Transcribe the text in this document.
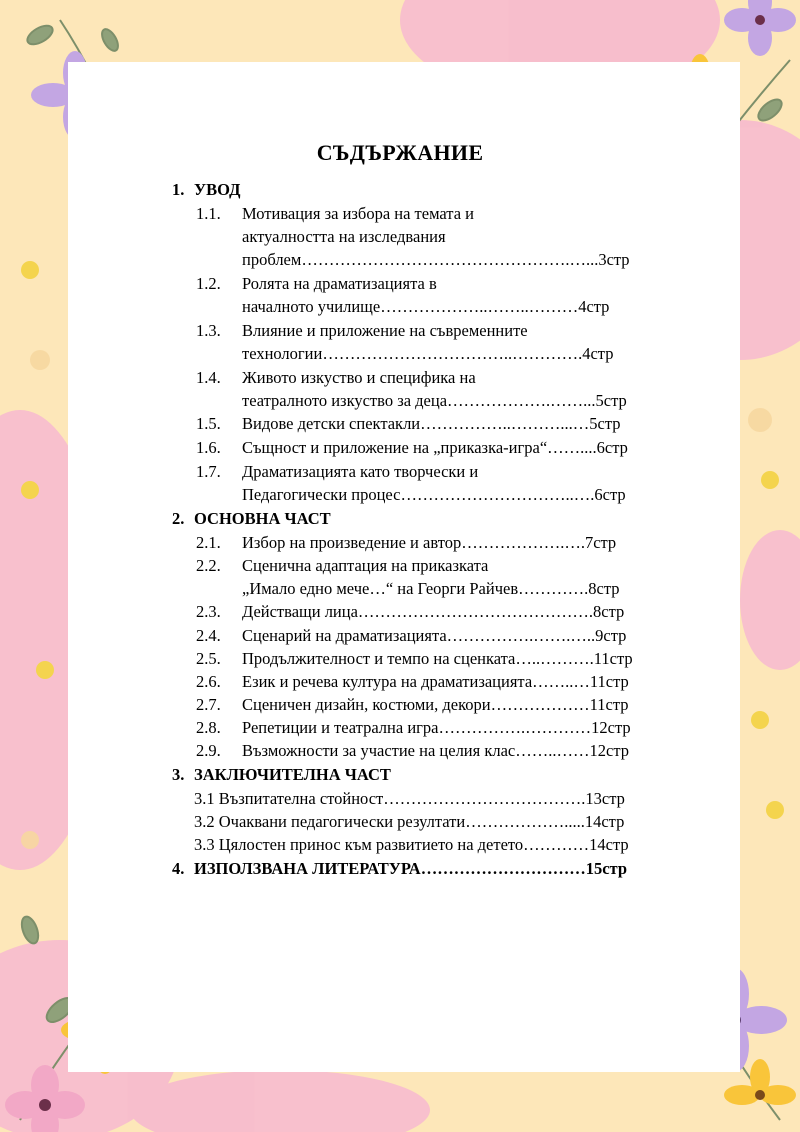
СЪДЪРЖАНИЕ
1. УВОД
1.1. Мотивация за избора на темата и
актуалността на изследвания
проблем………………………………………….…...3стр
1.2. Ролята на драматизацията в
началното училище………………..……..………4стр
1.3. Влияние и приложение на съвременните
технологии……………………………..………….4стр
1.4. Живото изкуство и специфика на
театралното изкуство за деца……………….……...5стр
1.5. Видове детски спектакли……………..………...…5стр
1.6. Същност и приложение на „приказка-игра“……....6стр
1.7. Драматизацията като творчески и
Педагогически процес…………………………..….6стр
2. ОСНОВНА ЧАСТ
2.1. Избор на произведение и автор……………….….7стр
2.2. Сценична адаптация на приказката
„Имало едно мече…“ на Георги Райчев………….8стр
2.3. Действащи лица…………………………………….8стр
2.4. Сценарий на драматизацията…………….…….…..9стр
2.5. Продължителност и темпо на сценката…..……….11стр
2.6. Език и речева култура на драматизацията……..…11стр
2.7. Сценичен дизайн, костюми, декори………………11стр
2.8. Репетиции и театрална игра…………….…………12стр
2.9. Възможности за участие на целия клас……..……12стр
3. ЗАКЛЮЧИТЕЛНА ЧАСТ
3.1 Възпитателна стойност……………………………….13стр
3.2 Очаквани педагогически резултати……………….....14стр
3.3 Цялостен принос към развитието на детето…………14стр
4. ИЗПОЛЗВАНА ЛИТЕРАТУРА…………………………15стр
